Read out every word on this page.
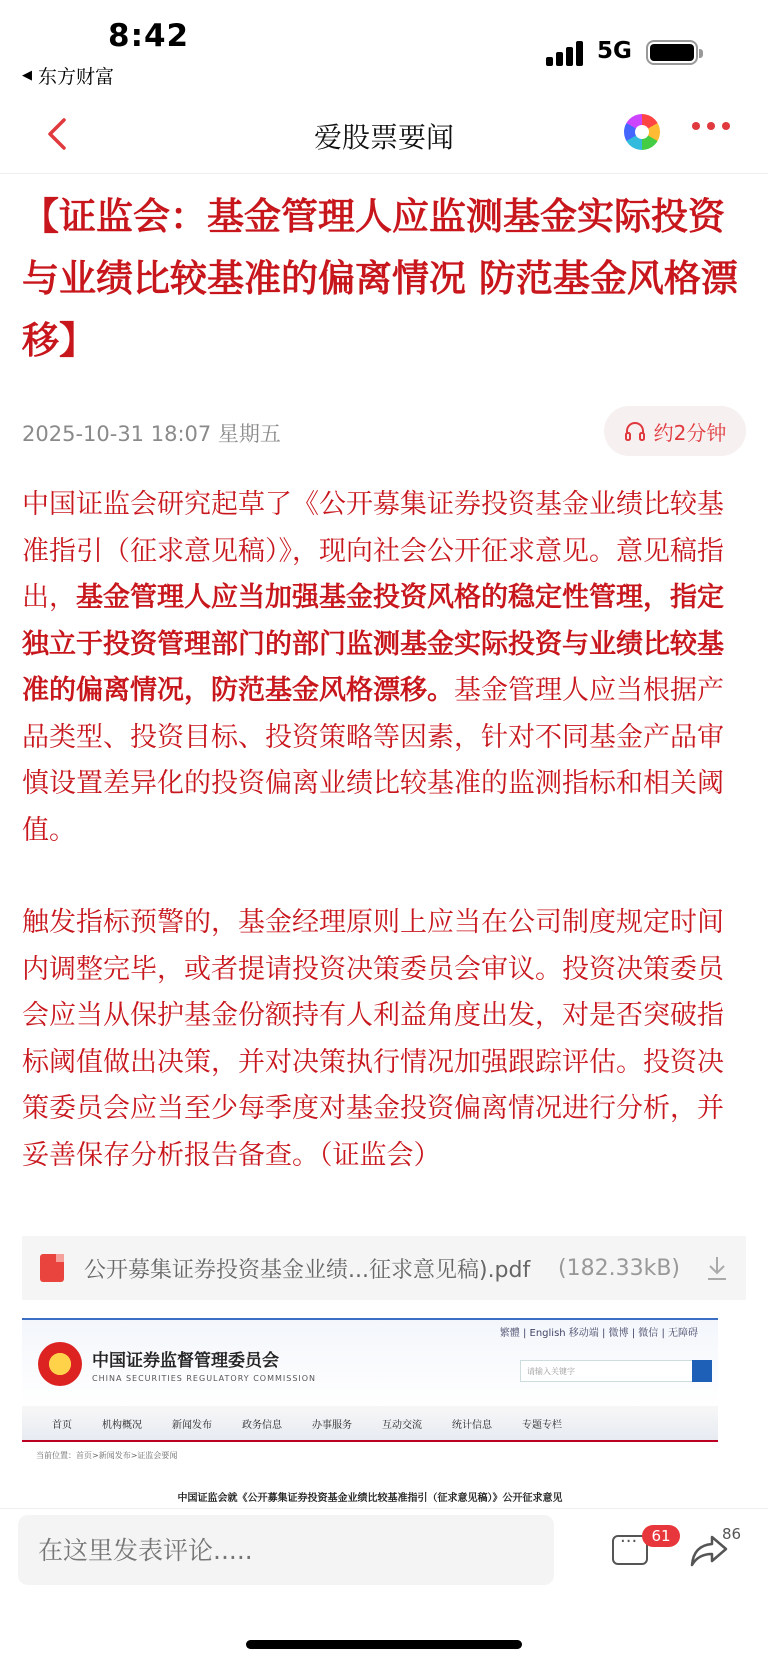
8:42
◀ 东方财富
5G
爱股票要闻
【证监会：基金管理人应监测基金实际投资与业绩比较基准的偏离情况 防范基金风格漂移】
2025-10-31 18:07 星期五	约2分钟

中国证监会研究起草了《公开募集证券投资基金业绩比较基准指引（征求意见稿）》，现向社会公开征求意见。意见稿指出，基金管理人应当加强基金投资风格的稳定性管理，指定独立于投资管理部门的部门监测基金实际投资与业绩比较基准的偏离情况，防范基金风格漂移。基金管理人应当根据产品类型、投资目标、投资策略等因素，针对不同基金产品审慎设置差异化的投资偏离业绩比较基准的监测指标和相关阈值。

触发指标预警的，基金经理原则上应当在公司制度规定时间内调整完毕，或者提请投资决策委员会审议。投资决策委员会应当从保护基金份额持有人利益角度出发，对是否突破指标阈值做出决策，并对决策执行情况加强跟踪评估。投资决策委员会应当至少每季度对基金投资偏离情况进行分析，并妥善保存分析报告备查。（证监会）

公开募集证券投资基金业绩...征求意见稿).pdf	(182.33kB)
繁體 | English 移动端 | 微博 | 微信 | 无障碍
中国证券监督管理委员会
CHINA SECURITIES REGULATORY COMMISSION
请输入关键字
首页	机构概况	新闻发布	政务信息	办事服务	互动交流	统计信息	专题专栏
当前位置：首页>新闻发布>证监会要闻
中国证监会就《公开募集证券投资基金业绩比较基准指引（征求意见稿）》公开征求意见
在这里发表评论.....
···
61	86
